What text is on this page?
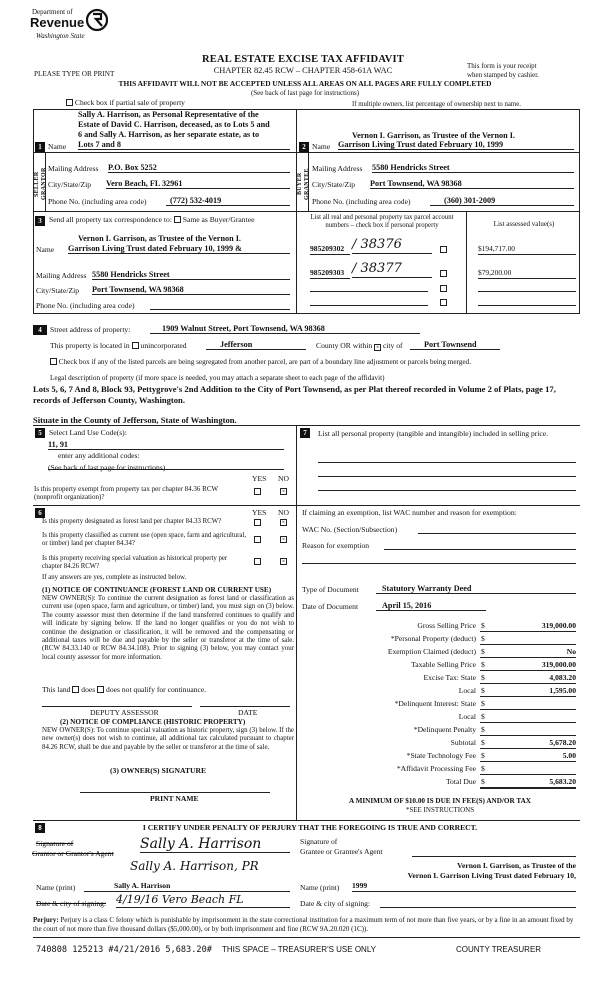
Department of
Revenue
Washington State
PLEASE TYPE OR PRINT
REAL ESTATE EXCISE TAX AFFIDAVIT
CHAPTER 82.45 RCW – CHAPTER 458-61A WAC	This form is your receipt
when stamped by cashier.
THIS AFFIDAVIT WILL NOT BE ACCEPTED UNLESS ALL AREAS ON ALL PAGES ARE FULLY COMPLETED
(See back of last page for instructions)
Check box if partial sale of property	If multiple owners, list percentage of ownership next to name.
SELLER GRANTOR
1
Sally A. Harrison, as Personal Representative of the
Estate of David C. Harrison, deceased, as to Lots 5 and
6 and Sally A. Harrison, as her separate estate, as to
Name Lots 7 and 8
Mailing Address P.O. Box 5252
City/State/Zip Vero Beach, FL 32961
Phone No. (including area code)	(772) 532-4019
BUYER GRANTEE
2
Vernon I. Garrison, as Trustee of the Vernon I.
Name Garrison Living Trust dated February 10, 1999
Mailing Address 5580 Hendricks Street
City/State/Zip Port Townsend, WA 98368
Phone No. (including area code)	(360) 301-2009
3 Send all property tax correspondence to: Same as Buyer/Grantee
Vernon I. Garrison, as Trustee of the Vernon I.
Name Garrison Living Trust dated February 10, 1999 &
Mailing Address 5580 Hendricks Street
City/State/Zip Port Townsend, WA 98368
Phone No. (including area code)
List all real and personal property tax parcel account numbers – check box if personal property	List assessed value(s)
985209302 / 38376	$194,717.00
985209303 / 38377	$79,200.00
4	Street address of property:	1909 Walnut Street, Port Townsend, WA 98368
This property is located in unincorporated	Jefferson	County OR within × city of	Port Townsend
Check box if any of the listed parcels are being segregated from another parcel, are part of a boundary line adjustment or parcels being merged.
Legal description of property (if more space is needed, you may attach a separate sheet to each page of the affidavit)
Lots 5, 6, 7 And 8, Block 93, Pettygrove's 2nd Addition to the City of Port Townsend, as per Plat thereof recorded in Volume 2 of Plats, page 17, records of Jefferson County, Washington.
Situate in the County of Jefferson, State of Washington.
5 Select Land Use Code(s):
11, 91
enter any additional codes:
(See back of last page for instructions)
YES NO
Is this property exempt from property tax per chapter 84.36 RCW (nonprofit organization)?
×
6	YES NO
Is this property designated as forest land per chapter 84.33 RCW?	×
Is this property classified as current use (open space, farm and agricultural, or timber) land per chapter 84.34?	×
Is this property receiving special valuation as historical property per chapter 84.26 RCW?
×
If any answers are yes, complete as instructed below.
(1) NOTICE OF CONTINUANCE (FOREST LAND OR CURRENT USE)
NEW OWNER(S): To continue the current designation as forest land or classification as current use (open space, farm and agriculture, or timber) land, you must sign on (3) below. The county assessor must then determine if the land transferred continues to qualify and will indicate by signing below. If the land no longer qualifies or you do not wish to continue the designation or classification, it will be removed and the compensating or additional taxes will be due and payable by the seller or transferor at the time of sale. (RCW 84.33.140 or RCW 84.34.108). Prior to signing (3) below, you may contact your local county assessor for more information.
This land does does not qualify for continuance.
DEPUTY ASSESSOR	DATE
(2) NOTICE OF COMPLIANCE (HISTORIC PROPERTY)
NEW OWNER(S): To continue special valuation as historic property, sign (3) below. If the new owner(s) does not wish to continue, all additional tax calculated pursuant to chapter 84.26 RCW, shall be due and payable by the seller or transferor at the time of sale.
(3) OWNER(S) SIGNATURE
PRINT NAME
7	List all personal property (tangible and intangible) included in selling price.
If claiming an exemption, list WAC number and reason for exemption:
WAC No. (Section/Subsection)
Reason for exemption
Type of Document	Statutory Warranty Deed
Date of Document	April 15, 2016
Gross Selling Price $	319,000.00
*Personal Property (deduct) $
Exemption Claimed (deduct) $	No
Taxable Selling Price $	319,000.00
Excise Tax: State $	4,083.20
Local $	1,595.00
*Delinquent Interest: State $
Local $
*Delinquent Penalty $
Subtotal $	5,678.20
*State Technology Fee $	5.00
*Affidavit Processing Fee $
Total Due $	5,683.20
A MINIMUM OF $10.00 IS DUE IN FEE(S) AND/OR TAX
*SEE INSTRUCTIONS
8	I CERTIFY UNDER PENALTY OF PERJURY THAT THE FOREGOING IS TRUE AND CORRECT.
Signature of
Grantor or Grantor's Agent
Sally A. Harrison
Sally A. Harrison, PR
Signature of
Grantee or Grantee's Agent
Vernon I. Garrison, as Trustee of the
Vernon I. Garrison Living Trust dated February 10,
Name (print)	Sally A. Harrison	Name (print) 1999
Date & city of signing: 4/19/16 Vero Beach FL	Date & city of signing:
Perjury: Perjury is a class C felony which is punishable by imprisonment in the state correctional institution for a maximum term of not more than five years, or by a fine in an amount fixed by the court of not more than five thousand dollars ($5,000.00), or by both imprisonment and fine (RCW 9A.20.020 (1C)).
740808 125213 #4/21/2016 5,683.20# THIS SPACE – TREASURER'S USE ONLY	COUNTY TREASURER
